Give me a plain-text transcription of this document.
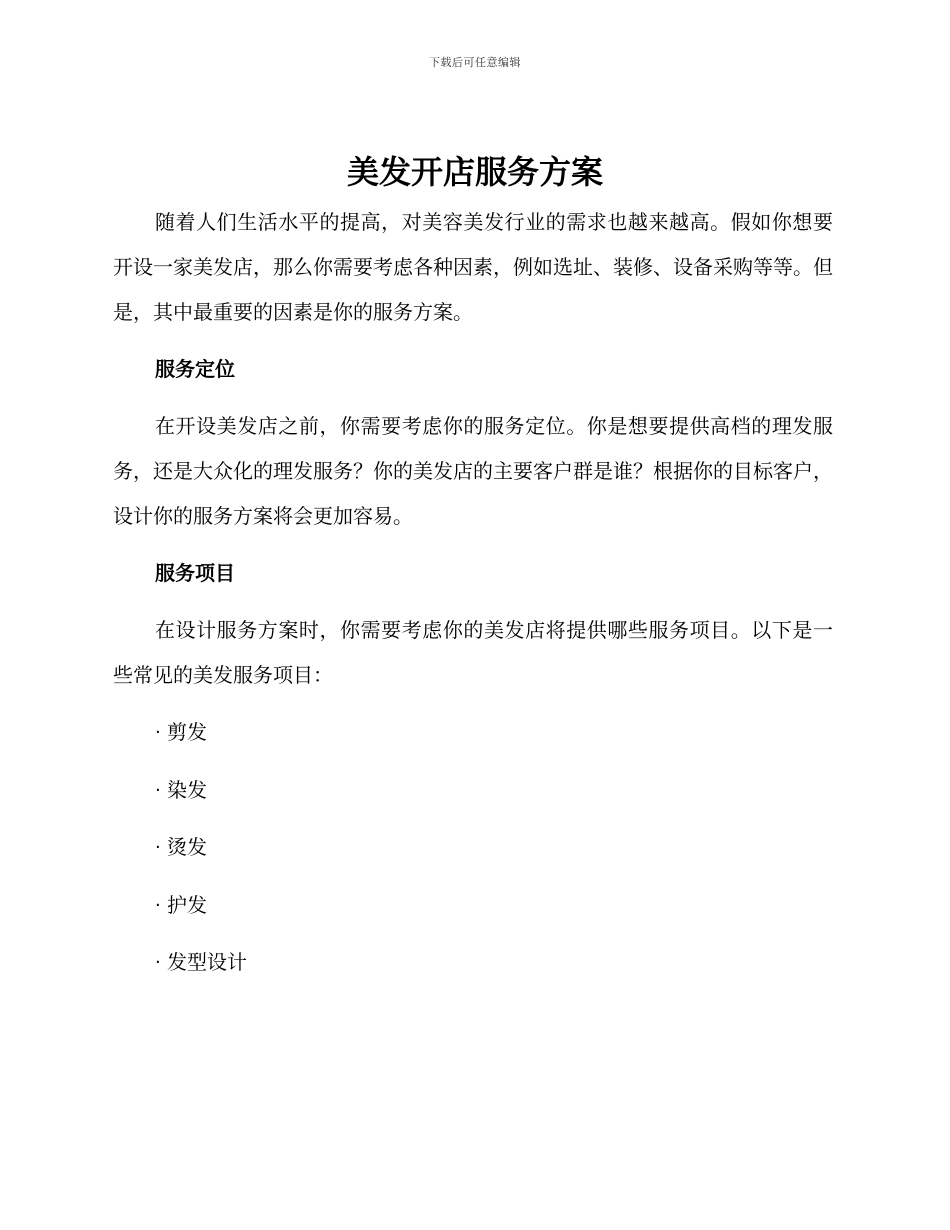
下载后可任意编辑
美发开店服务方案

随着人们生活水平的提高，对美容美发行业的需求也越来越高。假如你想要开设一家美发店，那么你需要考虑各种因素，例如选址、装修、设备采购等等。但是，其中最重要的因素是你的服务方案。

服务定位

在开设美发店之前，你需要考虑你的服务定位。你是想要提供高档的理发服务，还是大众化的理发服务？你的美发店的主要客户群是谁？根据你的目标客户，设计你的服务方案将会更加容易。

服务项目

在设计服务方案时，你需要考虑你的美发店将提供哪些服务项目。以下是一些常见的美发服务项目：

· 剪发
· 染发
· 烫发
· 护发
· 发型设计
